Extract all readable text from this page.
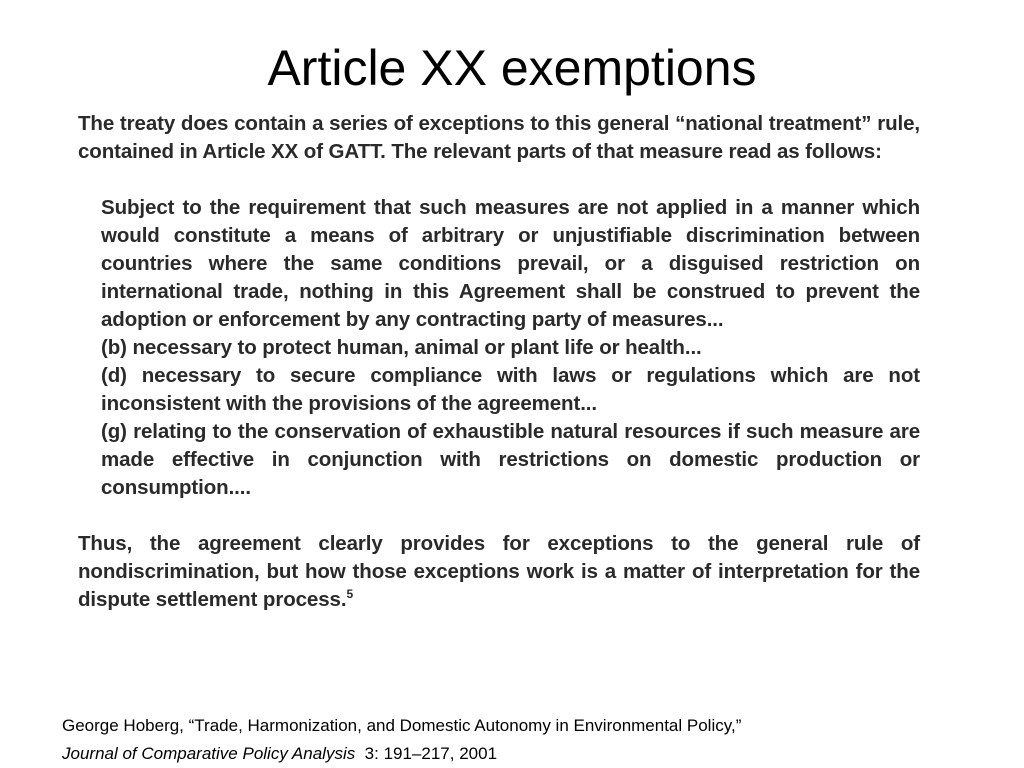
Article XX exemptions

The treaty does contain a series of exceptions to this general “national treatment” rule, contained in Article XX of GATT. The relevant parts of that measure read as follows:

Subject to the requirement that such measures are not applied in a manner which would constitute a means of arbitrary or unjustifiable discrimination between countries where the same conditions prevail, or a disguised restriction on international trade, nothing in this Agreement shall be construed to prevent the adoption or enforcement by any contracting party of measures...

(b) necessary to protect human, animal or plant life or health...

(d) necessary to secure compliance with laws or regulations which are not inconsistent with the provisions of the agreement...

(g) relating to the conservation of exhaustible natural resources if such measure are made effective in conjunction with restrictions on domestic production or consumption....

Thus, the agreement clearly provides for exceptions to the general rule of nondiscrimination, but how those exceptions work is a matter of interpretation for the dispute settlement process.$^5$

George Hoberg, “Trade, Harmonization, and Domestic Autonomy in Environmental Policy,”

Journal of Comparative Policy Analysis 3: 191–217, 2001
